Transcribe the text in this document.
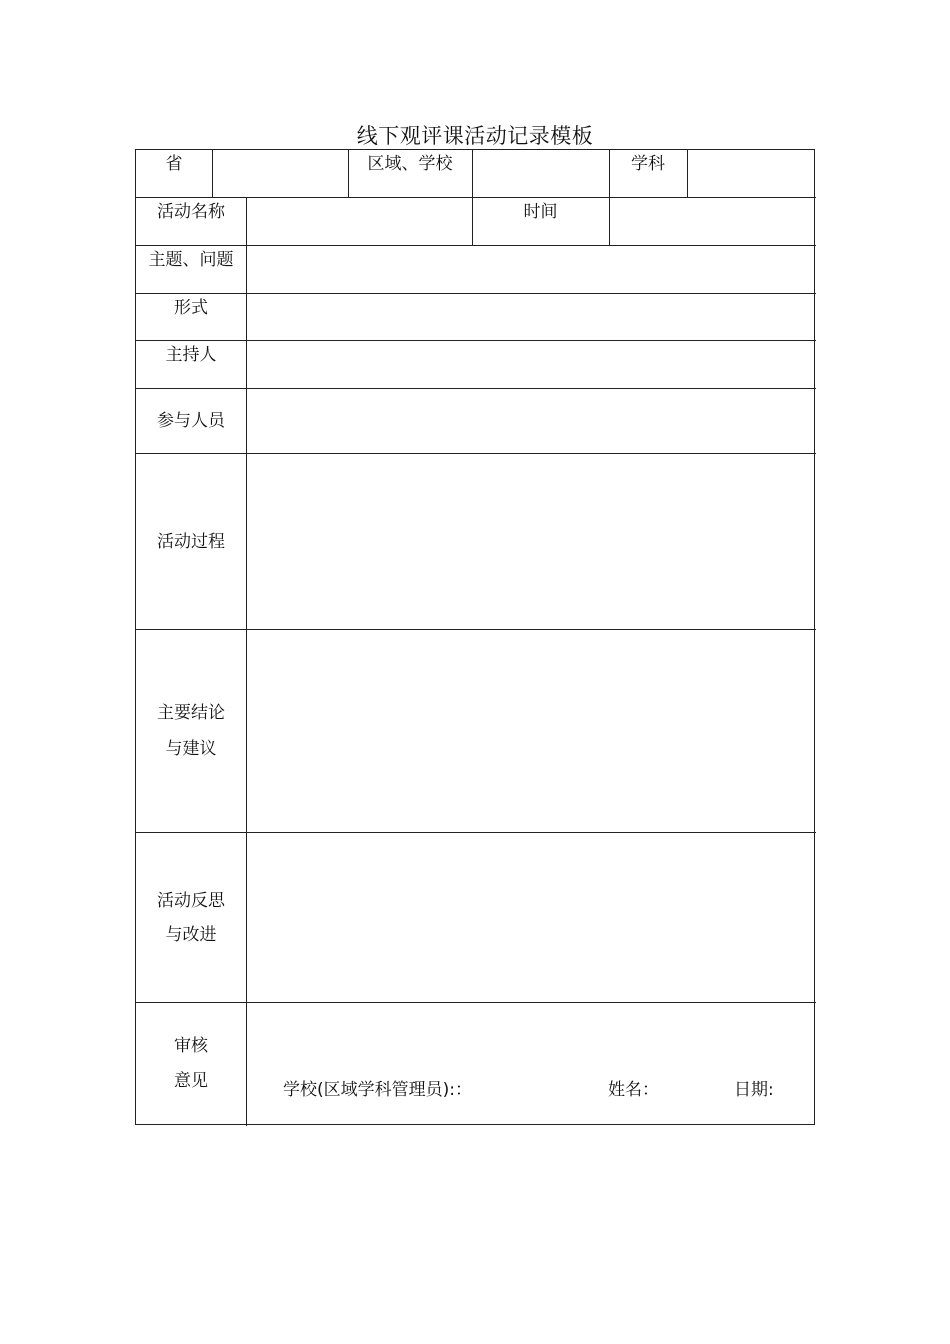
线下观评课活动记录模板
省	区域、学校	学科
活动名称	时间
主题、问题
形式
主持人
参与人员
活动过程
主要结论
与建议
活动反思
与改进
审核
意见	学校(区域学科管理员):：	姓名：	日期:
